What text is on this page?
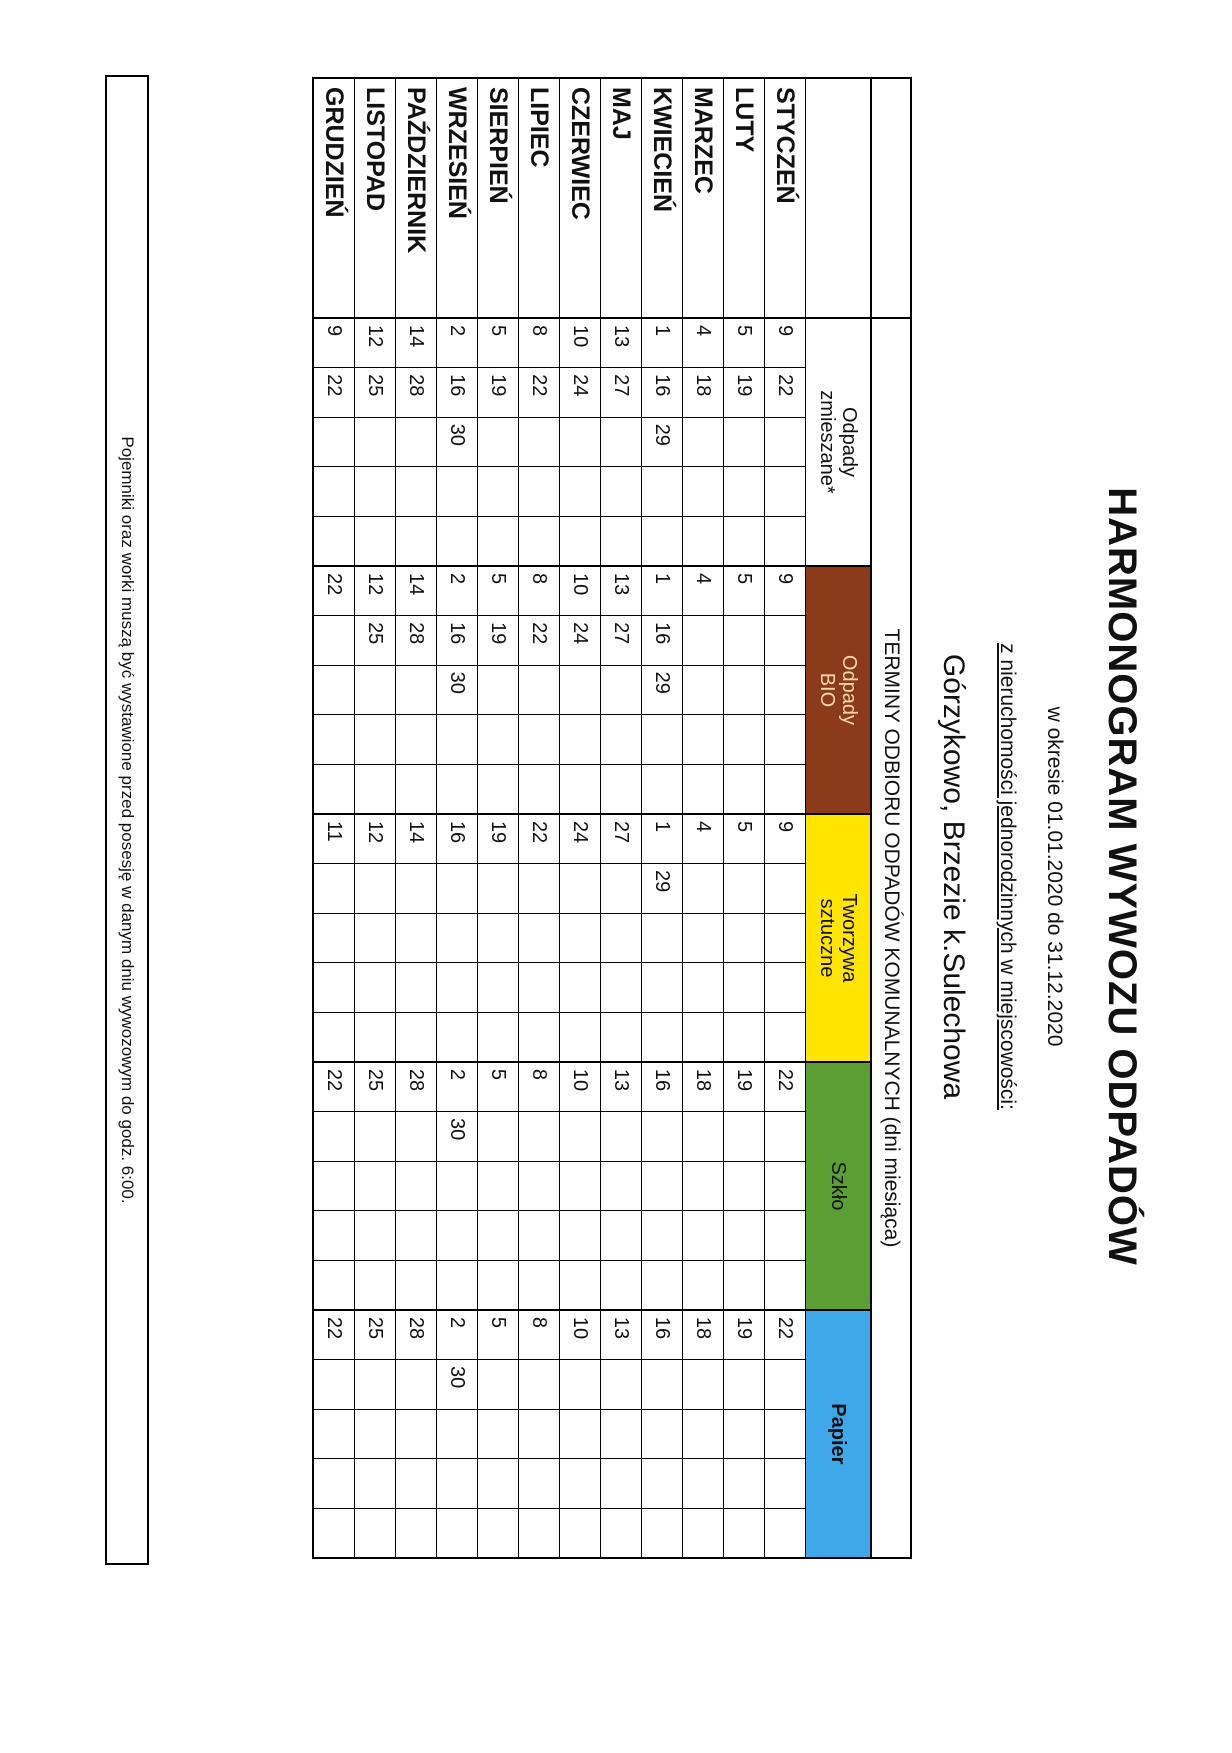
HARMONOGRAM WYWOZU ODPADÓW
w okresie 01.01.2020 do 31.12.2020
z nieruchomości jednorodzinnych w miejscowości:
Górzykowo, Brzezie k.Sulechowa
	TERMINY ODBIORU ODPADÓW KOMUNALNYCH (dni miesiąca)																								
	Odpady
zmieszane*					Odpady
BIO					Tworzywa
sztuczne					Szkło					Papier				
STYCZEŃ	9	22				9					9					22					22				
LUTY	5	19				5					5					19					19				
MARZEC	4	18				4					4					18					18				
KWIECIEŃ	1	16	29			1	16	29			1	29				16					16				
MAJ	13	27				13	27				27					13					13				
CZERWIEC	10	24				10	24				24					10					10				
LIPIEC	8	22				8	22				22					8					8				
SIERPIEŃ	5	19				5	19				19					5					5				
WRZESIEŃ	2	16	30			2	16	30			16					2	30				2	30			
PAŹDZIERNIK	14	28				14	28				14					28					28				
LISTOPAD	12	25				12	25				12					25					25				
GRUDZIEŃ	9	22				22					11					22					22				
Pojemniki oraz worki muszą być wystawione przed posesję w danym dniu wywozowym do godz. 6:00.
